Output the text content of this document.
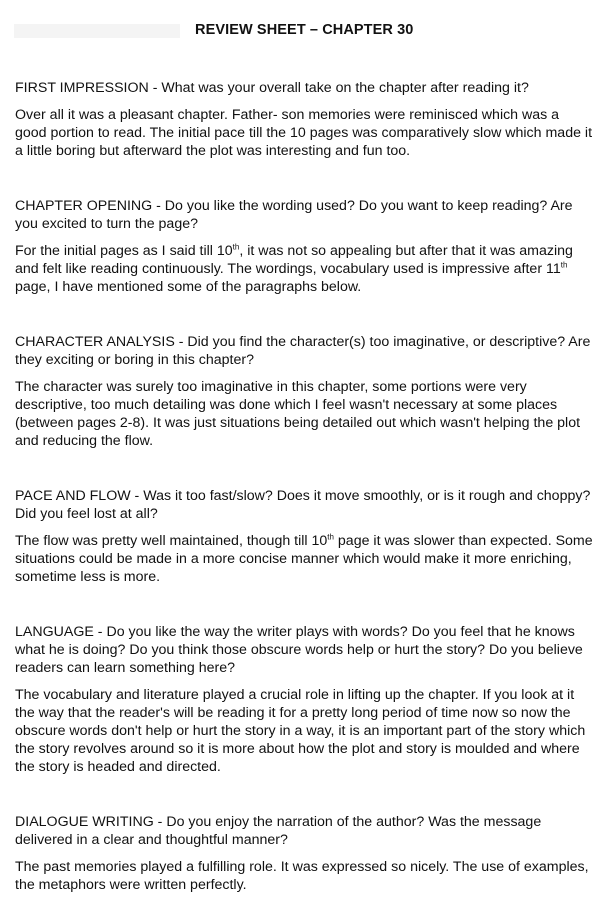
REVIEW SHEET – CHAPTER 30

FIRST IMPRESSION - What was your overall take on the chapter after reading it?

Over all it was a pleasant chapter. Father- son memories were reminisced which was a good portion to read. The initial pace till the 10 pages was comparatively slow which made it a little boring but afterward the plot was interesting and fun too.

CHAPTER OPENING - Do you like the wording used? Do you want to keep reading? Are you excited to turn the page?

For the initial pages as I said till 10th, it was not so appealing but after that it was amazing and felt like reading continuously. The wordings, vocabulary used is impressive after 11th page, I have mentioned some of the paragraphs below.

CHARACTER ANALYSIS - Did you find the character(s) too imaginative, or descriptive? Are they exciting or boring in this chapter?

The character was surely too imaginative in this chapter, some portions were very descriptive, too much detailing was done which I feel wasn't necessary at some places (between pages 2-8). It was just situations being detailed out which wasn't helping the plot and reducing the flow.

PACE AND FLOW - Was it too fast/slow? Does it move smoothly, or is it rough and choppy? Did you feel lost at all?

The flow was pretty well maintained, though till 10th page it was slower than expected. Some situations could be made in a more concise manner which would make it more enriching, sometime less is more.

LANGUAGE - Do you like the way the writer plays with words? Do you feel that he knows what he is doing? Do you think those obscure words help or hurt the story? Do you believe readers can learn something here?

The vocabulary and literature played a crucial role in lifting up the chapter. If you look at it the way that the reader's will be reading it for a pretty long period of time now so now the obscure words don't help or hurt the story in a way, it is an important part of the story which the story revolves around so it is more about how the plot and story is moulded and where the story is headed and directed.

DIALOGUE WRITING - Do you enjoy the narration of the author? Was the message delivered in a clear and thoughtful manner?

The past memories played a fulfilling role. It was expressed so nicely. The use of examples, the metaphors were written perfectly.
